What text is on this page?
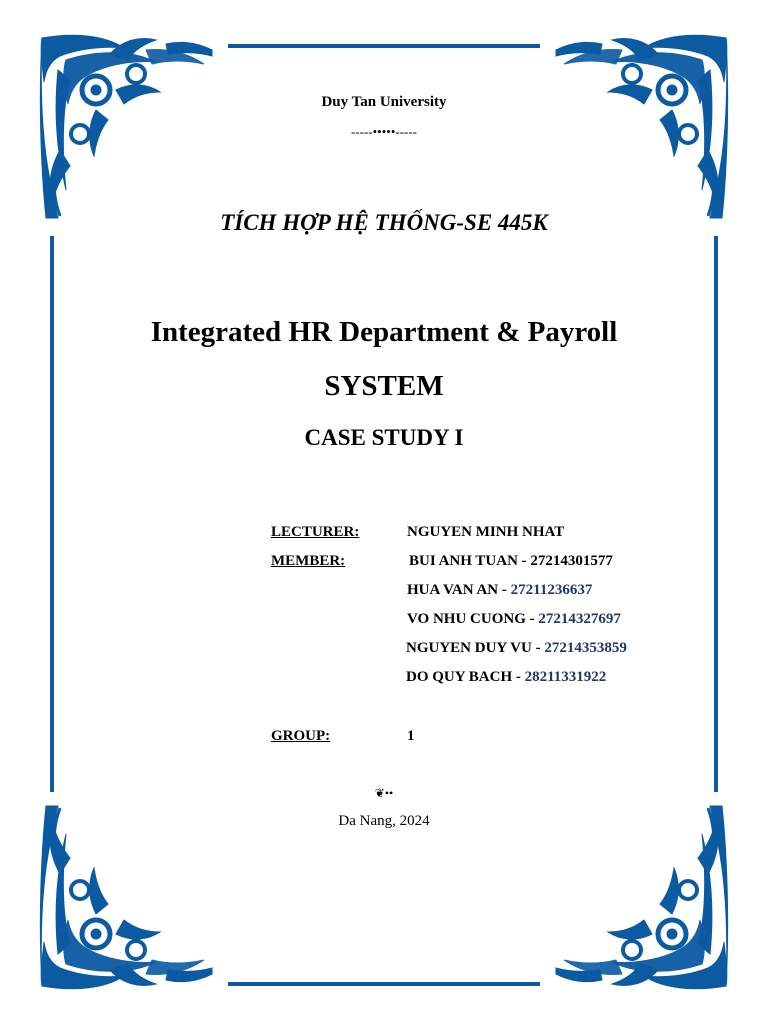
Duy Tan University
-----•••••-----
TÍCH HỢP HỆ THỐNG-SE 445K
Integrated HR Department & Payroll
SYSTEM
CASE STUDY I
LECTURER:	NGUYEN MINH NHAT
MEMBER:	BUI ANH TUAN - 27214301577
HUA VAN AN - 27211236637
VO NHU CUONG - 27214327697
NGUYEN DUY VU - 27214353859
DO QUY BACH - 28211331922
GROUP:	1
❦••
Da Nang, 2024
